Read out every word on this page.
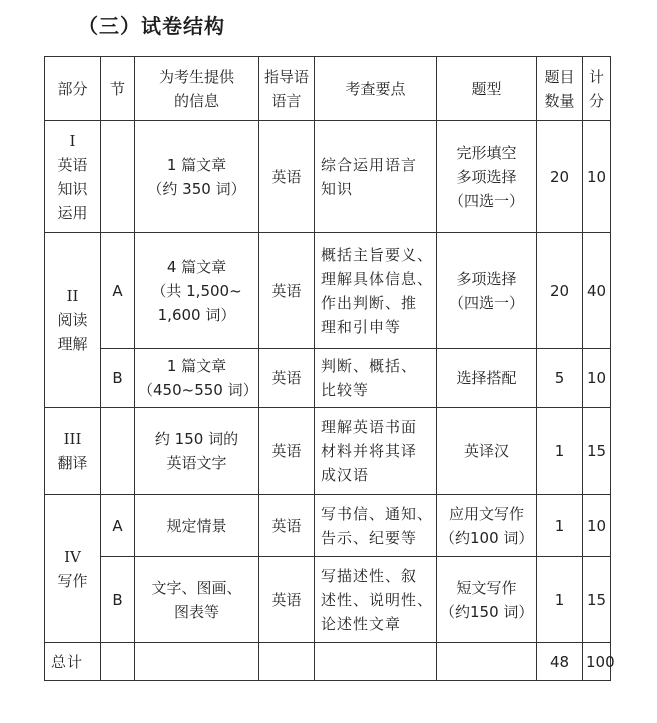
（三）试卷结构
部分	节	为考生提供
的信息	指导语
语言	考查要点	题型	题目
数量	计
分

I
英语
知识
运用		1 篇文章
（约 350 词）	英语	综合运用语言
知识	完形填空
多项选择
（四选一）	20	10

II
阅读
理解	A	4 篇文章
（共 1,500~
1,600 词）	英语	概括主旨要义、
理解具体信息、
作出判断、推
理和引申等	多项选择
（四选一）	20	40
	B	1 篇文章
（450~550 词）	英语	判断、概括、
比较等	选择搭配	5	10

III
翻译		约 150 词的
英语文字	英语	理解英语书面
材料并将其译
成汉语	英译汉	1	15

IV
写作	A	规定情景	英语	写书信、通知、
告示、纪要等	应用文写作
（约100 词）	1	10
	B	文字、图画、
图表等	英语	写描述性、叙
述性、说明性、
论述性文章	短文写作
（约150 词）	1	15
总计						48	100
